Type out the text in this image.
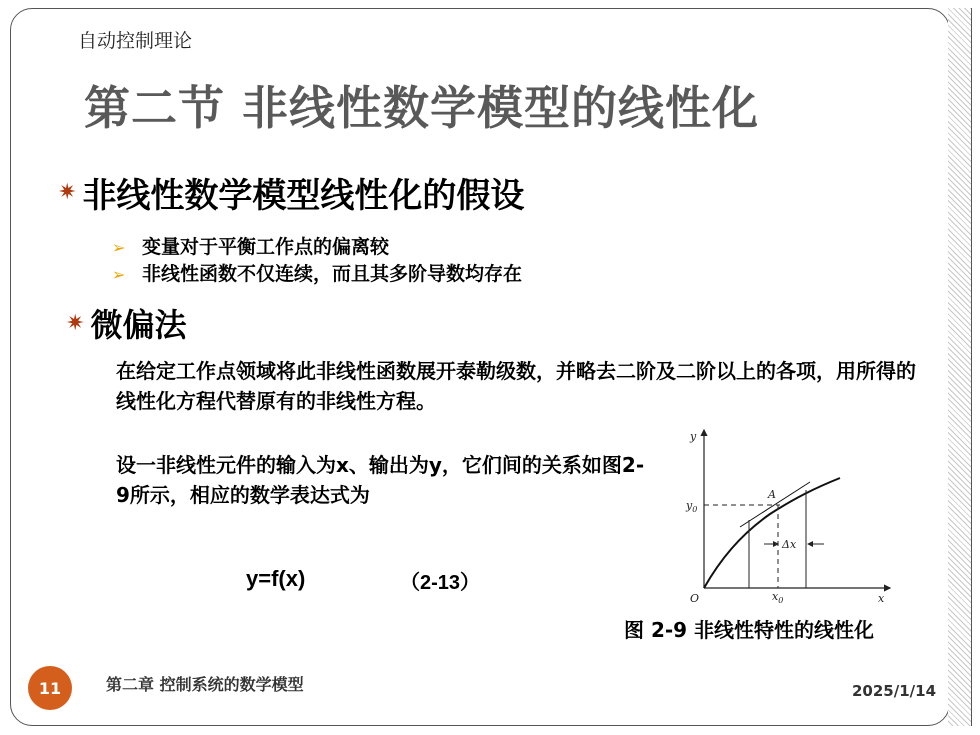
自动控制理论
第二节 非线性数学模型的线性化
✷ 非线性数学模型线性化的假设
➢ 变量对于平衡工作点的偏离较
➢ 非线性函数不仅连续，而且其多阶导数均存在
✷ 微偏法
在给定工作点领域将此非线性函数展开泰勒级数，并略去二阶及二阶以上的各项，用所得的线性化方程代替原有的非线性方程。
设一非线性元件的输入为x、输出为y，它们间的关系如图2-9所示，相应的数学表达式为
y=f(x)	（2-13）
y
x
O
$y_0$
$x_0$
A
Δx
图 2-9 非线性特性的线性化
11	第二章 控制系统的数学模型	2025/1/14
